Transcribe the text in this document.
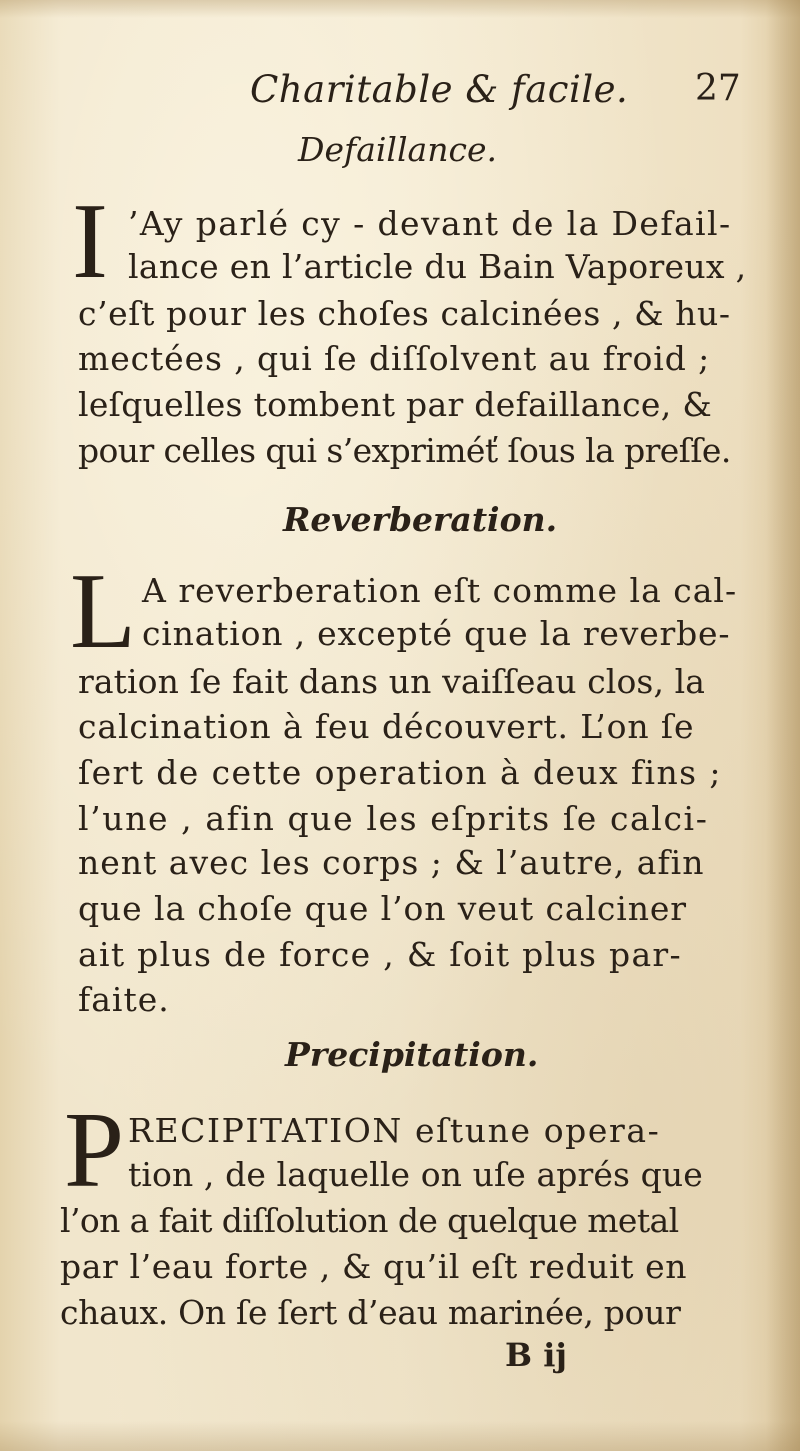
Charitable & facile. 27
Defaillance.
I ’Ay parlé cy - devant de la Defail-
lance en l’article du Bain Vaporeux ,
c’eſt pour les choſes calcinées , & hu-
mectées , qui ſe diſſolvent au froid ;
leſquelles tombent par defaillance, &
pour celles qui s’expriméť ſous la preſſe.
Reverberation.
L A reverberation eſt comme la cal-
cination , excepté que la reverbe-
ration ſe fait dans un vaiſſeau clos, la
calcination à feu découvert. L’on ſe
ſert de cette operation à deux fins ;
l’une , afin que les eſprits ſe calci-
nent avec les corps ; & l’autre, afin
que la choſe que l’on veut calciner
ait plus de force , & ſoit plus par-
faite.
Precipitation.
P RECIPITATION eſtune opera-
tion , de laquelle on uſe aprés que
l’on a fait diſſolution de quelque metal
par l’eau forte , & qu’il eſt reduit en
chaux. On ſe ſert d’eau marinée, pour
B ij
